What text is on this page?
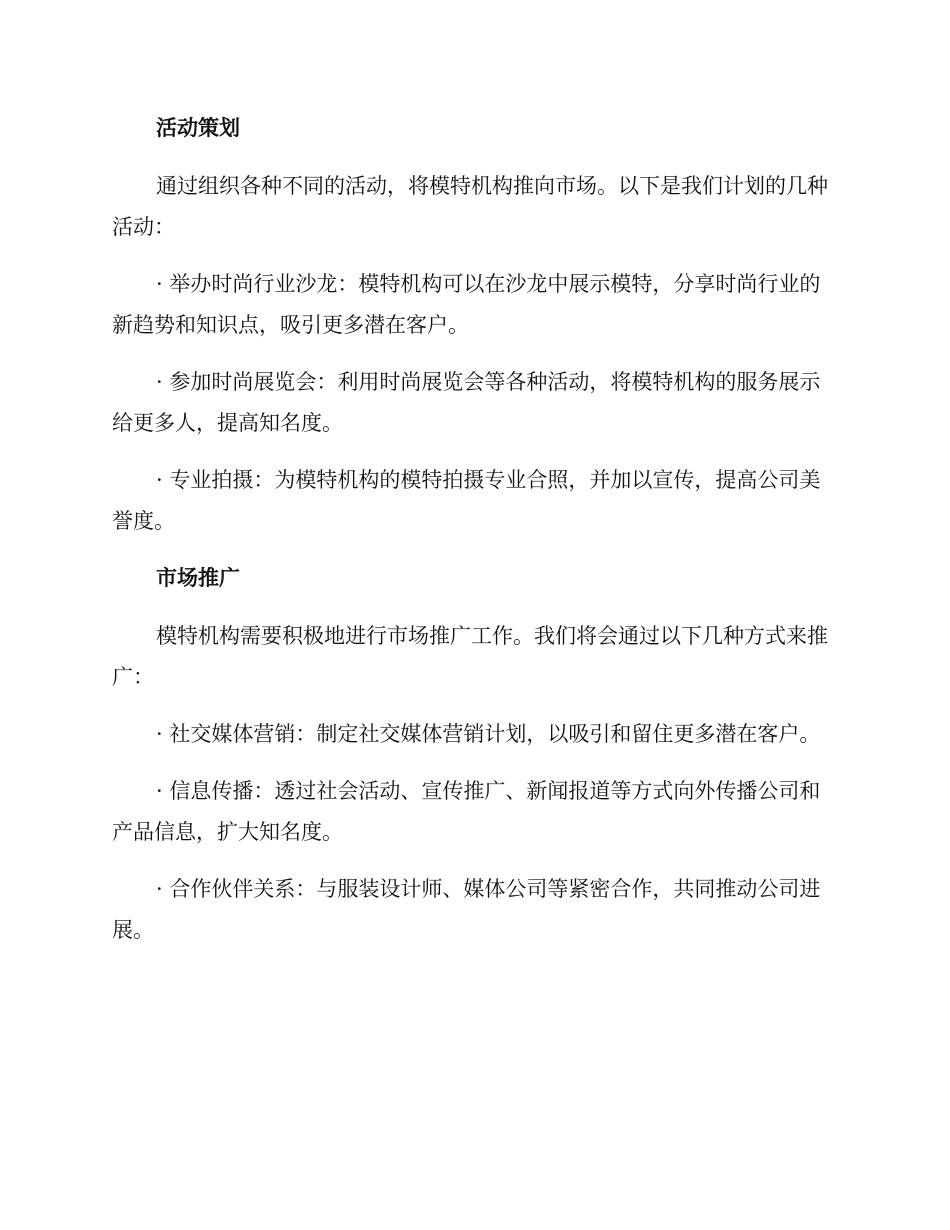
活动策划
通过组织各种不同的活动，将模特机构推向市场。以下是我们计划的几种活动：
· 举办时尚行业沙龙：模特机构可以在沙龙中展示模特，分享时尚行业的新趋势和知识点，吸引更多潜在客户。
· 参加时尚展览会：利用时尚展览会等各种活动，将模特机构的服务展示给更多人，提高知名度。
· 专业拍摄：为模特机构的模特拍摄专业合照，并加以宣传，提高公司美誉度。
市场推广
模特机构需要积极地进行市场推广工作。我们将会通过以下几种方式来推广：
· 社交媒体营销：制定社交媒体营销计划，以吸引和留住更多潜在客户。
· 信息传播：透过社会活动、宣传推广、新闻报道等方式向外传播公司和产品信息，扩大知名度。
· 合作伙伴关系：与服装设计师、媒体公司等紧密合作，共同推动公司进展。
